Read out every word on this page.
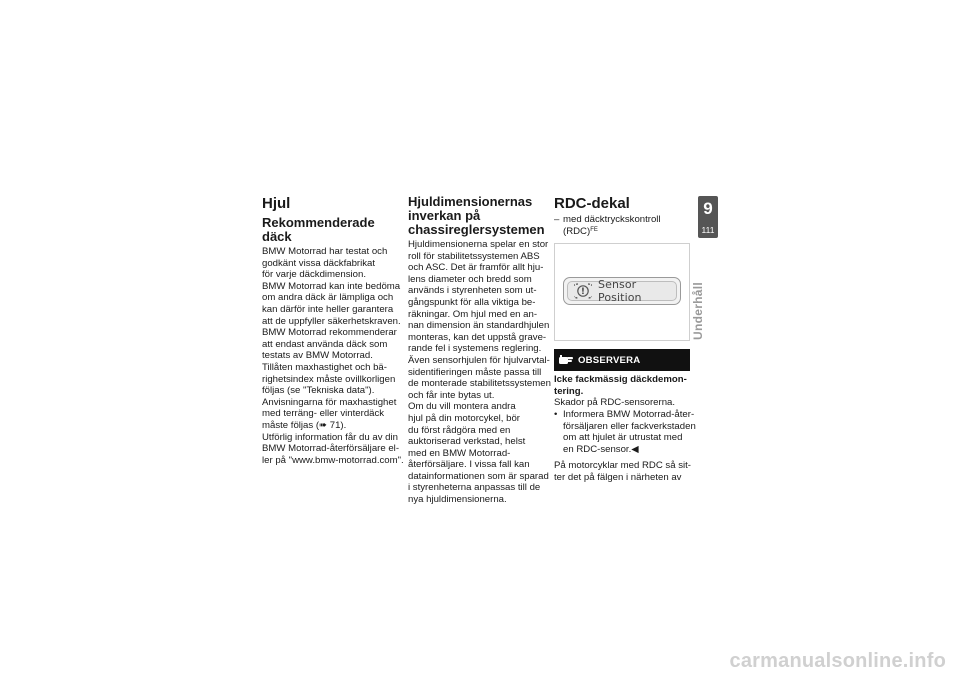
Hjul
Rekommenderade däck

BMW Motorrad har testat och

godkänt vissa däckfabrikat

för varje däckdimension.

BMW Motorrad kan inte bedöma

om andra däck är lämpliga och

kan därför inte heller garantera

att de uppfyller säkerhetskraven.

BMW Motorrad rekommenderar

att endast använda däck som

testats av BMW Motorrad.

Tillåten maxhastighet och bä-

righetsindex måste ovillkorligen

följas (se "Tekniska data").

Anvisningarna för maxhastighet

med terräng- eller vinterdäck

måste följas (➠ 71).

Utförlig information får du av din

BMW Motorrad-återförsäljare el-

ler på "www.bmw-motorrad.com".

Hjuldimensionernas
inverkan på
chassireglersystemen

Hjuldimensionerna spelar en stor

roll för stabilitetssystemen ABS

och ASC. Det är framför allt hju-

lens diameter och bredd som

används i styrenheten som ut-

gångspunkt för alla viktiga be-

räkningar. Om hjul med en an-

nan dimension än standardhjulen

monteras, kan det uppstå grave-

rande fel i systemens reglering.

Även sensorhjulen för hjulvarvtal-

sidentifieringen måste passa till

de monterade stabilitetssystemen

och får inte bytas ut.

Om du vill montera andra

hjul på din motorcykel, bör

du först rådgöra med en

auktoriserad verkstad, helst

med en BMW Motorrad-

återförsäljare. I vissa fall kan

datainformationen som är sparad

i styrenheterna anpassas till de

nya hjuldimensionerna.

RDC-dekal
– med däcktryckskontroll
(RDC)$^{FE}$
!
Sensor Position
OBSERVERA
Icke fackmässig däckdemon-
tering.

Skador på RDC-sensorerna.

• Informera BMW Motorrad-åter-
försäljaren eller fackverkstaden
om att hjulet är utrustat med
en RDC-sensor.◀

På motorcyklar med RDC så sit-

ter det på fälgen i närheten av

9
111
Underhåll
carmanualsonline.info
